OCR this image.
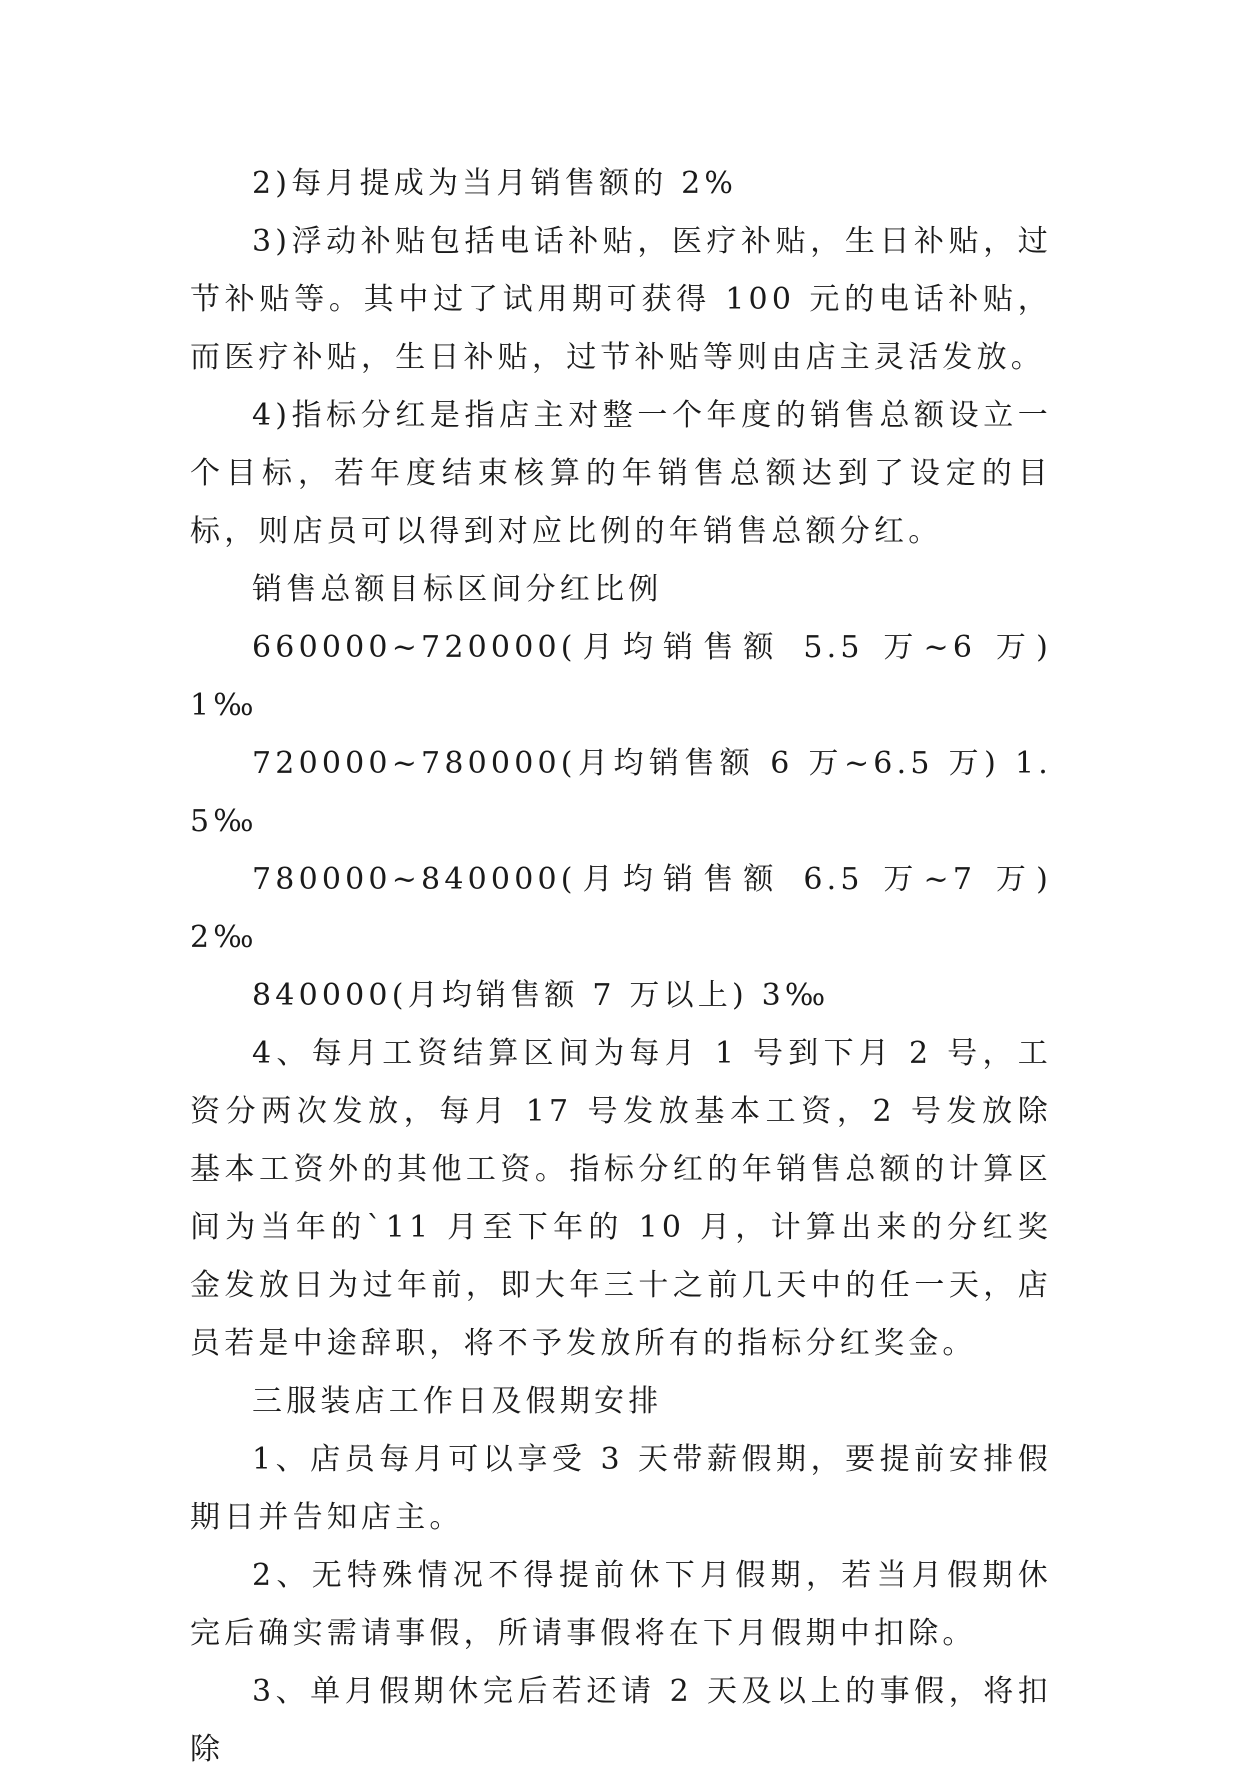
2)每月提成为当月销售额的 2%

3)浮动补贴包括电话补贴，医疗补贴，生日补贴，过节补贴等。其中过了试用期可获得 100 元的电话补贴，而医疗补贴，生日补贴，过节补贴等则由店主灵活发放。

4)指标分红是指店主对整一个年度的销售总额设立一个目标，若年度结束核算的年销售总额达到了设定的目标，则店员可以得到对应比例的年销售总额分红。

销售总额目标区间分红比例

660000~720000(月均销售额 5.5 万~6 万) 1‰

720000~780000(月均销售额 6 万~6.5 万) 1.5‰

780000~840000(月均销售额 6.5 万~7 万) 2‰

840000(月均销售额 7 万以上) 3‰

4、每月工资结算区间为每月 1 号到下月 2 号，工资分两次发放，每月 17 号发放基本工资，2 号发放除基本工资外的其他工资。指标分红的年销售总额的计算区间为当年的`11 月至下年的 10 月，计算出来的分红奖金发放日为过年前，即大年三十之前几天中的任一天，店员若是中途辞职，将不予发放所有的指标分红奖金。

三服装店工作日及假期安排

1、店员每月可以享受 3 天带薪假期，要提前安排假期日并告知店主。

2、无特殊情况不得提前休下月假期，若当月假期休完后确实需请事假，所请事假将在下月假期中扣除。

3、单月假期休完后若还请 2 天及以上的事假，将扣除
